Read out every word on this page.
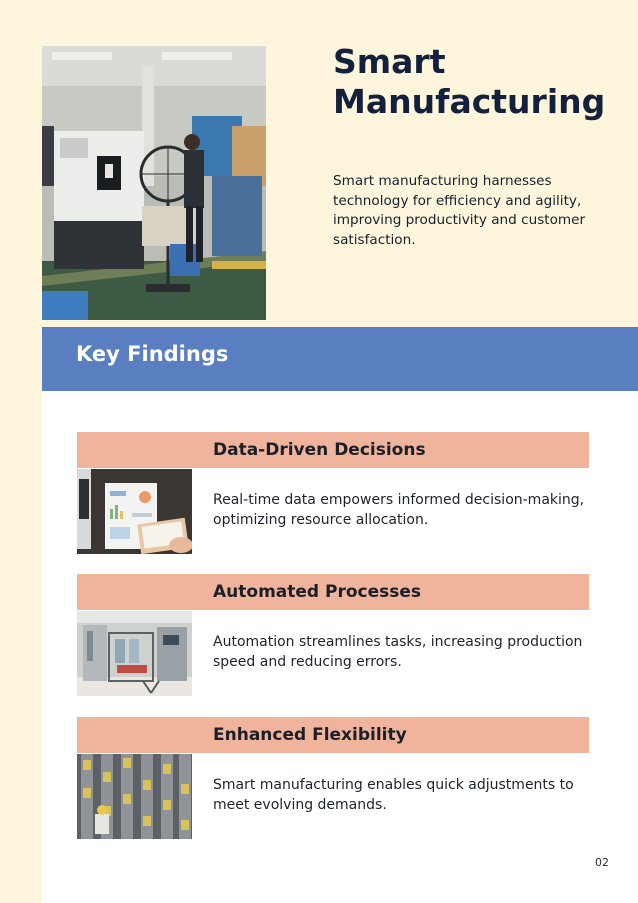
Smart
Manufacturing

Smart manufacturing harnesses technology for efficiency and agility, improving productivity and customer satisfaction.

Key Findings
Data-Driven Decisions

Real-time data empowers informed decision-making, optimizing resource allocation.

Automated Processes

Automation streamlines tasks, increasing production speed and reducing errors.

Enhanced Flexibility

Smart manufacturing enables quick adjustments to meet evolving demands.

02
